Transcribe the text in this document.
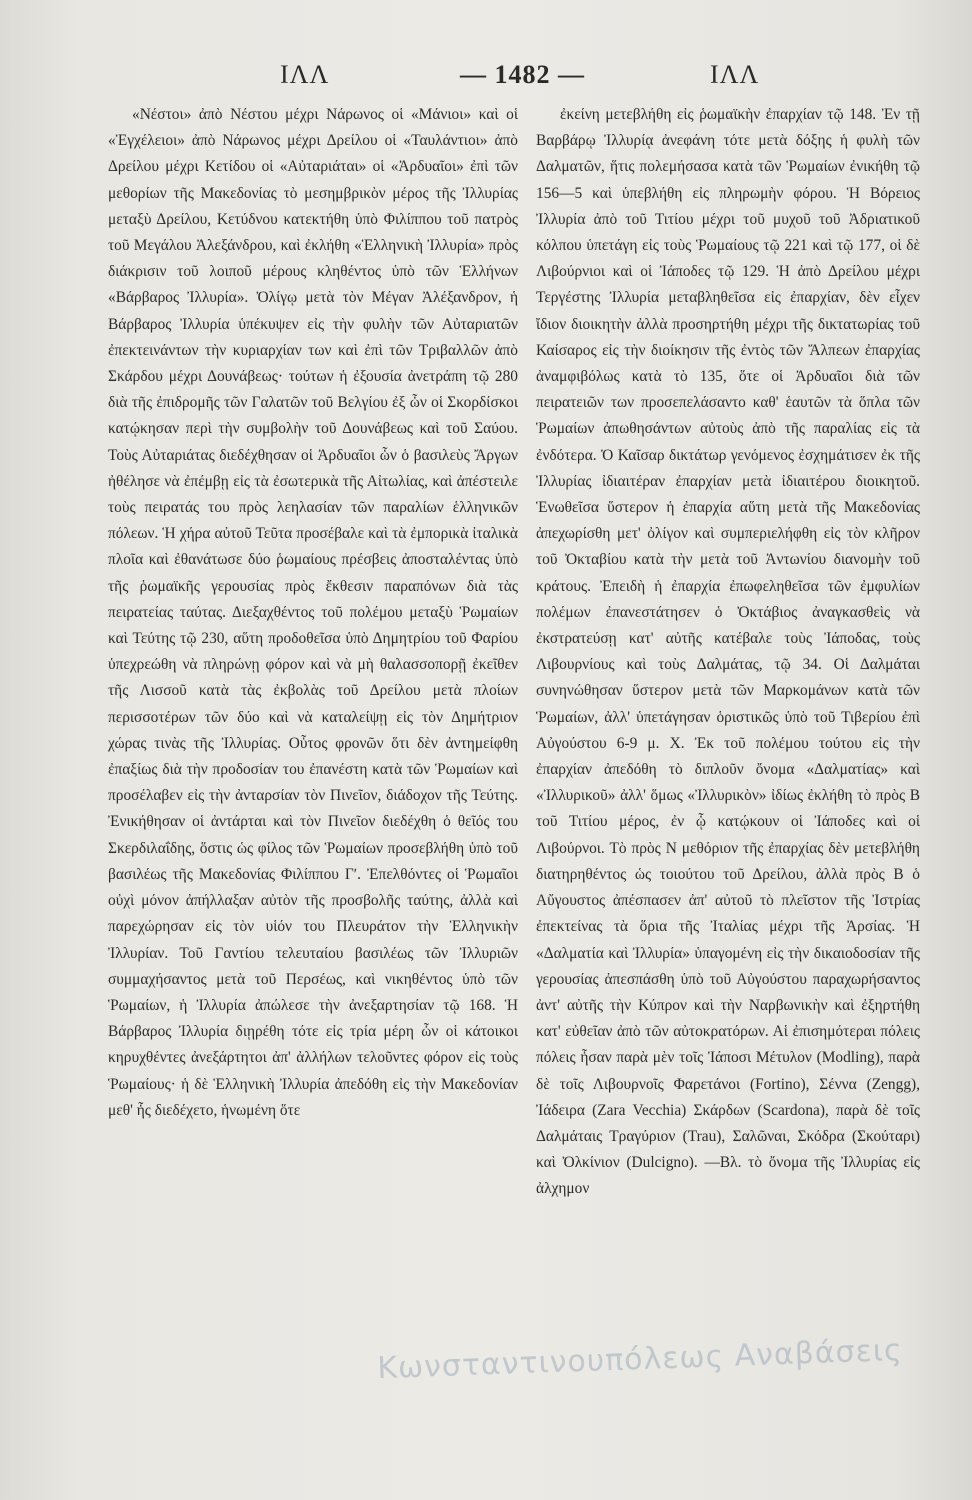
ΙΛΛ	— 1482 —	ΙΛΛ

«Νέστοι» ἀπὸ Νέστου μέχρι Νάρωνος οἱ «Μάνιοι» καὶ οἱ «Ἐγχέλειοι» ἀπὸ Νάρωνος μέχρι Δρείλου οἱ «Ταυλάντιοι» ἀπὸ Δρείλου μέχρι Κετίδου οἱ «Αὐταριάται» οἱ «Ἀρδυαῖοι» ἐπὶ τῶν μεθορίων τῆς Μακεδονίας τὸ μεσημβρικὸν μέρος τῆς Ἰλλυρίας μεταξὺ Δρείλου, Κετύδνου κατεκτήθη ὑπὸ Φιλίππου τοῦ πατρὸς τοῦ Μεγάλου Ἀλεξάνδρου, καὶ ἐκλήθη «Ἑλληνικὴ Ἰλλυρία» πρὸς διάκρισιν τοῦ λοιποῦ μέρους κληθέντος ὑπὸ τῶν Ἑλλήνων «Βάρβαρος Ἰλλυρία». Ὀλίγῳ μετὰ τὸν Μέγαν Ἀλέξανδρον, ἡ Βάρβαρος Ἰλλυρία ὑπέκυψεν εἰς τὴν φυλὴν τῶν Αὐταριατῶν ἐπεκτεινάντων τὴν κυριαρχίαν των καὶ ἐπὶ τῶν Τριβαλλῶν ἀπὸ Σκάρδου μέχρι Δουνάβεως· τούτων ἡ ἐξουσία ἀνετράπη τῷ 280 διὰ τῆς ἐπιδρομῆς τῶν Γαλατῶν τοῦ Βελγίου ἐξ ὧν οἱ Σκορδίσκοι κατῴκησαν περὶ τὴν συμβολὴν τοῦ Δουνάβεως καὶ τοῦ Σαύου. Τοὺς Αὐταριάτας διεδέχθησαν οἱ Ἀρδυαῖοι ὧν ὁ βασιλεὺς Ἄργων ἠθέλησε νὰ ἐπέμβῃ εἰς τὰ ἐσωτερικὰ τῆς Αἰτωλίας, καὶ ἀπέστειλε τοὺς πειρατάς του πρὸς λεηλασίαν τῶν παραλίων ἑλληνικῶν πόλεων. Ἡ χήρα αὐτοῦ Τεῦτα προσέβαλε καὶ τὰ ἐμπορικὰ ἰταλικὰ πλοῖα καὶ ἐθανάτωσε δύο ῥωμαίους πρέσβεις ἀποσταλέντας ὑπὸ τῆς ῥωμαϊκῆς γερουσίας πρὸς ἔκθεσιν παραπόνων διὰ τὰς πειρατείας ταύτας. Διεξαχθέντος τοῦ πολέμου μεταξὺ Ῥωμαίων καὶ Τεύτης τῷ 230, αὕτη προδοθεῖσα ὑπὸ Δημητρίου τοῦ Φαρίου ὑπεχρεώθη νὰ πληρώνῃ φόρον καὶ νὰ μὴ θαλασσοπορῇ ἐκεῖθεν τῆς Λισσοῦ κατὰ τὰς ἐκβολὰς τοῦ Δρείλου μετὰ πλοίων περισσοτέρων τῶν δύο καὶ νὰ καταλείψῃ εἰς τὸν Δημήτριον χώρας τινὰς τῆς Ἰλλυρίας. Οὗτος φρονῶν ὅτι δὲν ἀντημείφθη ἐπαξίως διὰ τὴν προδοσίαν του ἐπανέστη κατὰ τῶν Ῥωμαίων καὶ προσέλαβεν εἰς τὴν ἀνταρσίαν τὸν Πινεῖον, διάδοχον τῆς Τεύτης. Ἐνικήθησαν οἱ ἀντάρται καὶ τὸν Πινεῖον διεδέχθη ὁ θεῖός του Σκερδιλαΐδης, ὅστις ὡς φίλος τῶν Ῥωμαίων προσεβλήθη ὑπὸ τοῦ βασιλέως τῆς Μακεδονίας Φιλίππου Γʹ. Ἐπελθόντες οἱ Ῥωμαῖοι οὐχὶ μόνον ἀπήλλαξαν αὐτὸν τῆς προσβολῆς ταύτης, ἀλλὰ καὶ παρεχώρησαν εἰς τὸν υἱόν του Πλευράτον τὴν Ἑλληνικὴν Ἰλλυρίαν. Τοῦ Γαντίου τελευταίου βασιλέως τῶν Ἰλλυριῶν συμμαχήσαντος μετὰ τοῦ Περσέως, καὶ νικηθέντος ὑπὸ τῶν Ῥωμαίων, ἡ Ἰλλυρία ἀπώλεσε τὴν ἀνεξαρτησίαν τῷ 168. Ἡ Βάρβαρος Ἰλλυρία διῃρέθη τότε εἰς τρία μέρη ὧν οἱ κάτοικοι κηρυχθέντες ἀνεξάρτητοι ἀπ' ἀλλήλων τελοῦντες φόρον εἰς τοὺς Ῥωμαίους· ἡ δὲ Ἑλληνικὴ Ἰλλυρία ἀπεδόθη εἰς τὴν Μακεδονίαν μεθ' ἧς διεδέχετο, ἡνωμένη ὅτε

ἐκείνη μετεβλήθη εἰς ῥωμαϊκὴν ἐπαρχίαν τῷ 148. Ἐν τῇ Βαρβάρῳ Ἰλλυρίᾳ ἀνεφάνη τότε μετὰ δόξης ἡ φυλὴ τῶν Δαλματῶν, ἥτις πολεμήσασα κατὰ τῶν Ῥωμαίων ἐνικήθη τῷ 156—5 καὶ ὑπεβλήθη εἰς πληρωμὴν φόρου. Ἡ Βόρειος Ἰλλυρία ἀπὸ τοῦ Τιτίου μέχρι τοῦ μυχοῦ τοῦ Ἀδριατικοῦ κόλπου ὑπετάγη εἰς τοὺς Ῥωμαίους τῷ 221 καὶ τῷ 177, οἱ δὲ Λιβούρνιοι καὶ οἱ Ἰάποδες τῷ 129. Ἡ ἀπὸ Δρείλου μέχρι Τεργέστης Ἰλλυρία μεταβληθεῖσα εἰς ἐπαρχίαν, δὲν εἶχεν ἴδιον διοικητὴν ἀλλὰ προσηρτήθη μέχρι τῆς δικτατωρίας τοῦ Καίσαρος εἰς τὴν διοίκησιν τῆς ἐντὸς τῶν Ἄλπεων ἐπαρχίας ἀναμφιβόλως κατὰ τὸ 135, ὅτε οἱ Ἀρδυαῖοι διὰ τῶν πειρατειῶν των προσεπελάσαντο καθ' ἑαυτῶν τὰ ὅπλα τῶν Ῥωμαίων ἀπωθησάντων αὐτοὺς ἀπὸ τῆς παραλίας εἰς τὰ ἐνδότερα. Ὁ Καῖσαρ δικτάτωρ γενόμενος ἐσχημάτισεν ἐκ τῆς Ἰλλυρίας ἰδιαιτέραν ἐπαρχίαν μετὰ ἰδιαιτέρου διοικητοῦ. Ἑνωθεῖσα ὕστερον ἡ ἐπαρχία αὕτη μετὰ τῆς Μακεδονίας ἀπεχωρίσθη μετ' ὀλίγον καὶ συμπεριελήφθη εἰς τὸν κλῆρον τοῦ Ὀκταβίου κατὰ τὴν μετὰ τοῦ Ἀντωνίου διανομὴν τοῦ κράτους. Ἐπειδὴ ἡ ἐπαρχία ἐπωφεληθεῖσα τῶν ἐμφυλίων πολέμων ἐπανεστάτησεν ὁ Ὀκτάβιος ἀναγκασθεὶς νὰ ἐκστρατεύσῃ κατ' αὐτῆς κατέβαλε τοὺς Ἰάποδας, τοὺς Λιβουρνίους καὶ τοὺς Δαλμάτας, τῷ 34. Οἱ Δαλμάται συνηνώθησαν ὕστερον μετὰ τῶν Μαρκομάνων κατὰ τῶν Ῥωμαίων, ἀλλ' ὑπετάγησαν ὁριστικῶς ὑπὸ τοῦ Τιβερίου ἐπὶ Αὐγούστου 6-9 μ. Χ. Ἐκ τοῦ πολέμου τούτου εἰς τὴν ἐπαρχίαν ἀπεδόθη τὸ διπλοῦν ὄνομα «Δαλματίας» καὶ «Ἰλλυρικοῦ» ἀλλ' ὅμως «Ἰλλυρικὸν» ἰδίως ἐκλήθη τὸ πρὸς Β τοῦ Τιτίου μέρος, ἐν ᾧ κατῴκουν οἱ Ἰάποδες καὶ οἱ Λιβούρνοι. Τὸ πρὸς Ν μεθόριον τῆς ἐπαρχίας δὲν μετεβλήθη διατηρηθέντος ὡς τοιούτου τοῦ Δρείλου, ἀλλὰ πρὸς Β ὁ Αὔγουστος ἀπέσπασεν ἀπ' αὐτοῦ τὸ πλεῖστον τῆς Ἰστρίας ἐπεκτείνας τὰ ὅρια τῆς Ἰταλίας μέχρι τῆς Ἀρσίας. Ἡ «Δαλματία καὶ Ἰλλυρία» ὑπαγομένη εἰς τὴν δικαιοδοσίαν τῆς γερουσίας ἀπεσπάσθη ὑπὸ τοῦ Αὐγούστου παραχωρήσαντος ἀντ' αὐτῆς τὴν Κύπρον καὶ τὴν Ναρβωνικὴν καὶ ἐξηρτήθη κατ' εὐθεῖαν ἀπὸ τῶν αὐτοκρατόρων. Αἱ ἐπισημότεραι πόλεις πόλεις ἦσαν παρὰ μὲν τοῖς Ἰάποσι Μέτυλον (Modling), παρὰ δὲ τοῖς Λιβουρνοῖς Φαρετάνοι (Fortino), Σέννα (Zengg), Ἰάδειρα (Zara Vecchia) Σκάρδων (Scardona), παρὰ δὲ τοῖς Δαλμάταις Τραγύριον (Trau), Σαλῶναι, Σκόδρα (Σκούταρι) καὶ Ὀλκίνιον (Dulcigno). —Βλ. τὸ ὄνομα τῆς Ἰλλυρίας εἰς ἀλχημον

Κωνσταντινουπόλεως Αναβάσεις
